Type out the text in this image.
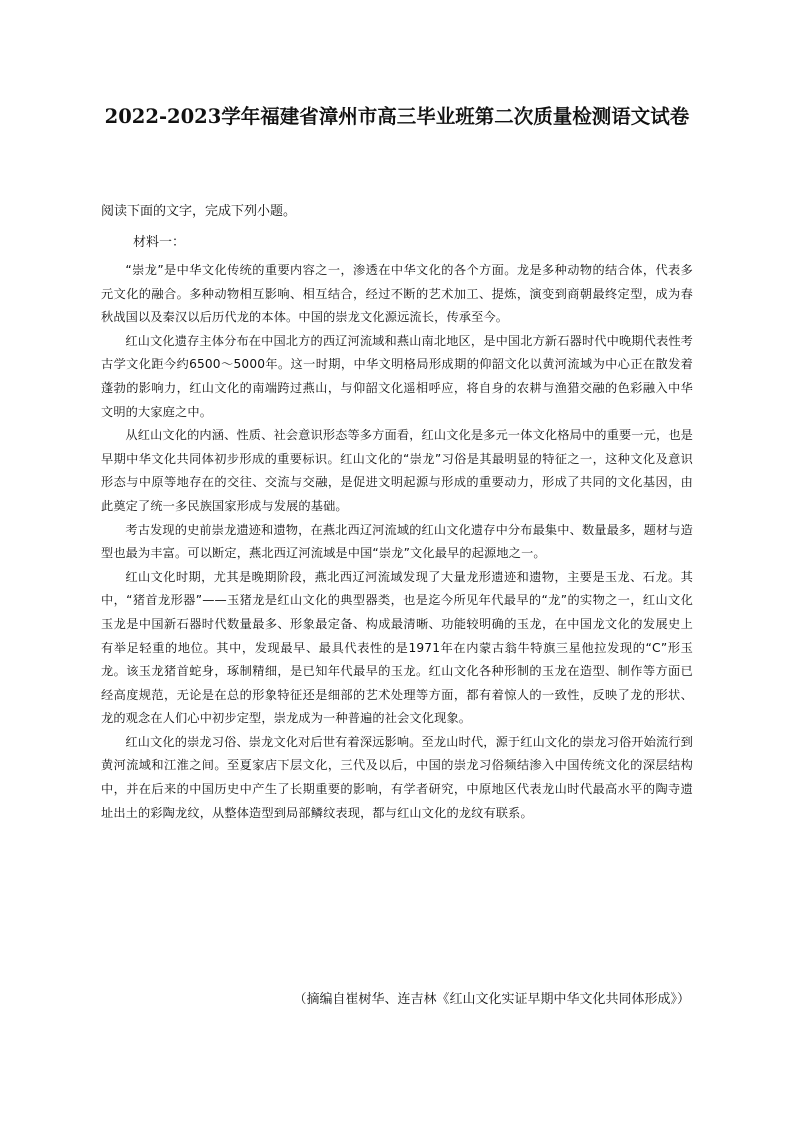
2022-2023学年福建省漳州市高三毕业班第二次质量检测语文试卷

阅读下面的文字，完成下列小题。

材料一：

“崇龙”是中华文化传统的重要内容之一，渗透在中华文化的各个方面。龙是多种动物的结合体，代表多元文化的融合。多种动物相互影响、相互结合，经过不断的艺术加工、提炼，演变到商朝最终定型，成为春秋战国以及秦汉以后历代龙的本体。中国的崇龙文化源远流长，传承至今。

红山文化遗存主体分布在中国北方的西辽河流域和燕山南北地区，是中国北方新石器时代中晚期代表性考古学文化距今约6500～5000年。这一时期，中华文明格局形成期的仰韶文化以黄河流域为中心正在散发着蓬勃的影响力，红山文化的南端跨过燕山，与仰韶文化遥相呼应，将自身的农耕与渔猎交融的色彩融入中华文明的大家庭之中。

从红山文化的内涵、性质、社会意识形态等多方面看，红山文化是多元一体文化格局中的重要一元，也是早期中华文化共同体初步形成的重要标识。红山文化的“崇龙”习俗是其最明显的特征之一，这种文化及意识形态与中原等地存在的交往、交流与交融，是促进文明起源与形成的重要动力，形成了共同的文化基因，由此奠定了统一多民族国家形成与发展的基础。

考古发现的史前崇龙遗迹和遗物，在燕北西辽河流域的红山文化遗存中分布最集中、数量最多，题材与造型也最为丰富。可以断定，燕北西辽河流域是中国“崇龙”文化最早的起源地之一。

红山文化时期，尤其是晚期阶段，燕北西辽河流域发现了大量龙形遗迹和遗物，主要是玉龙、石龙。其中，“猪首龙形器”——玉猪龙是红山文化的典型器类，也是迄今所见年代最早的“龙”的实物之一，红山文化玉龙是中国新石器时代数量最多、形象最定备、构成最清晰、功能较明确的玉龙，在中国龙文化的发展史上有举足轻重的地位。其中，发现最早、最具代表性的是1971年在内蒙古翁牛特旗三星他拉发现的“C”形玉龙。该玉龙猪首蛇身，琢制精细，是已知年代最早的玉龙。红山文化各种形制的玉龙在造型、制作等方面已经高度规范，无论是在总的形象特征还是细部的艺术处理等方面，都有着惊人的一致性，反映了龙的形状、龙的观念在人们心中初步定型，崇龙成为一种普遍的社会文化现象。

红山文化的崇龙习俗、崇龙文化对后世有着深远影响。至龙山时代，源于红山文化的崇龙习俗开始流行到黄河流域和江淮之间。至夏家店下层文化，三代及以后，中国的崇龙习俗频结渗入中国传统文化的深层结构中，并在后来的中国历史中产生了长期重要的影响，有学者研究，中原地区代表龙山时代最高水平的陶寺遗址出土的彩陶龙纹，从整体造型到局部鳞纹表现，都与红山文化的龙纹有联系。

（摘编自崔树华、连吉林《红山文化实证早期中华文化共同体形成》）
